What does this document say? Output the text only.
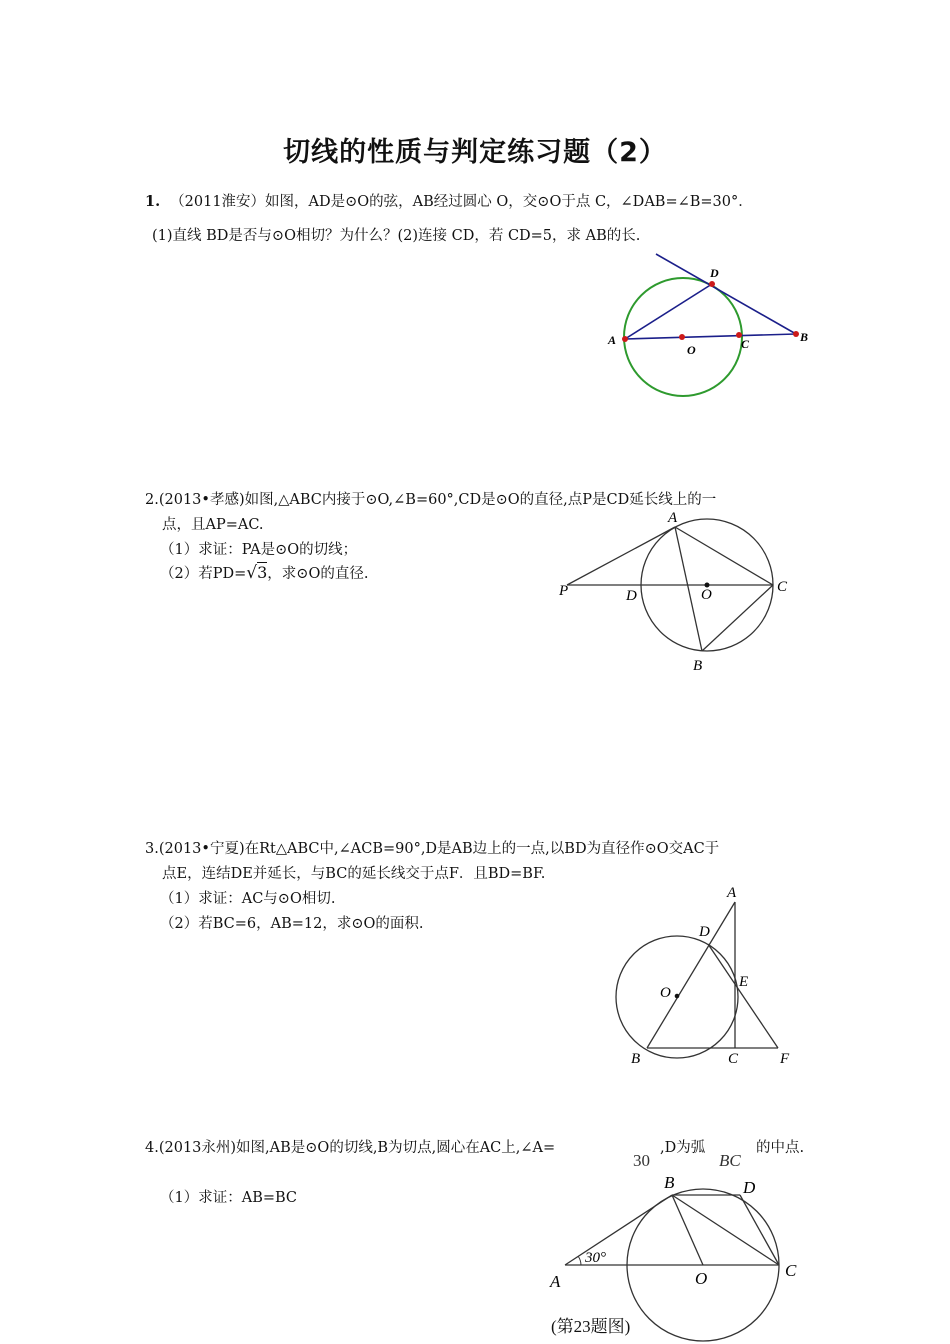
切线的性质与判定练习题（2）
1. （2011淮安）如图，AD是⊙O的弦，AB经过圆心 O，交⊙O于点 C，∠DAB=∠B=30°．
(1)直线 BD是否与⊙O相切？为什么？(2)连接 CD，若 CD=5，求 AB的长.
D
A
O	C	B
2.(2013•孝感)如图,△ABC内接于⊙O,∠B=60°,CD是⊙O的直径,点P是CD延长线上的一
点，且AP=AC.
（1）求证：PA是⊙O的切线；
（2）若PD=√3，求⊙O的直径.
A
P	D	O	C
B
3.(2013•宁夏)在Rt△ABC中,∠ACB=90°,D是AB边上的一点,以BD为直径作⊙O交AC于
点E，连结DE并延长，与BC的延长线交于点F．且BD=BF.
（1）求证：AC与⊙O相切.
（2）若BC=6，AB=12，求⊙O的面积.
A
D
O
E
B	C	F
4.(2013永州)如图,AB是⊙O的切线,B为切点,圆心在AC上,∠A=
30
,D为弧
BC
的中点.
（1）求证：AB=BC
30°
B	D
A	O	C
(第23题图)
